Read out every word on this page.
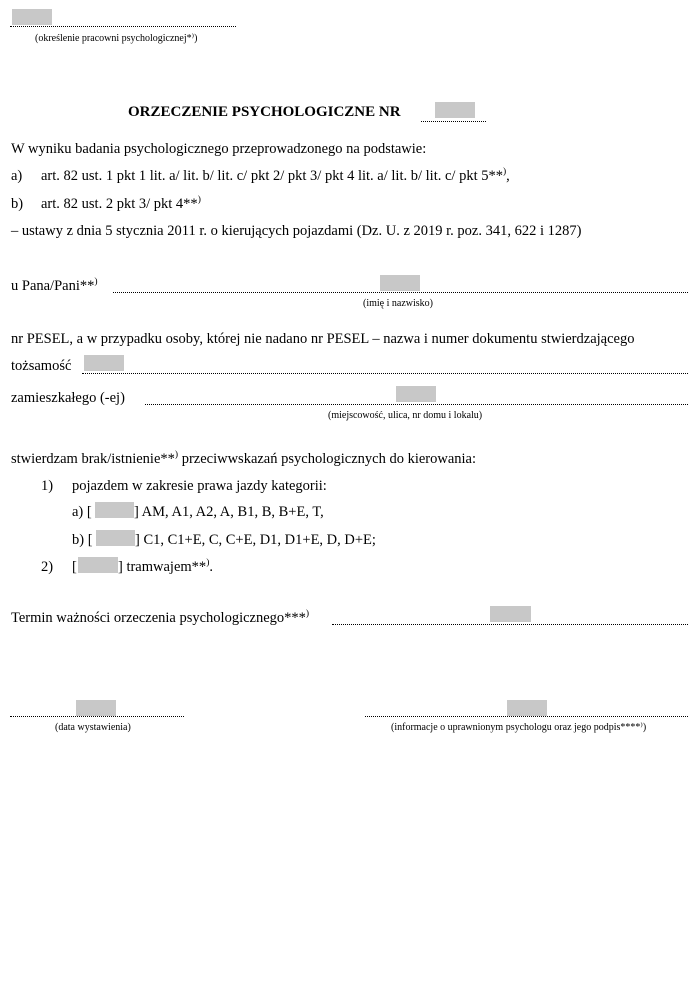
(określenie pracowni psychologicznej*⁾)
ORZECZENIE PSYCHOLOGICZNE NR
W wyniku badania psychologicznego przeprowadzonego na podstawie:
a) art. 82 ust. 1 pkt 1 lit. a/ lit. b/ lit. c/ pkt 2/ pkt 3/ pkt 4 lit. a/ lit. b/ lit. c/ pkt 5**),
b) art. 82 ust. 2 pkt 3/ pkt 4**)
– ustawy z dnia 5 stycznia 2011 r. o kierujących pojazdami (Dz. U. z 2019 r. poz. 341, 622 i 1287)
u Pana/Pani**)
(imię i nazwisko)
nr PESEL, a w przypadku osoby, której nie nadano nr PESEL – nazwa i numer dokumentu stwierdzającego
tożsamość
zamieszkałego (-ej)
(miejscowość, ulica, nr domu i lokalu)
stwierdzam brak/istnienie**) przeciwwskazań psychologicznych do kierowania:
1) pojazdem w zakresie prawa jazdy kategorii:
a) [	] AM, A1, A2, A, B1, B, B+E, T,
b) [	] C1, C1+E, C, C+E, D1, D1+E, D, D+E;
2) [	] tramwajem**).
Termin ważności orzeczenia psychologicznego***)
(data wystawienia)	(informacje o uprawnionym psychologu oraz jego podpis****⁾)
